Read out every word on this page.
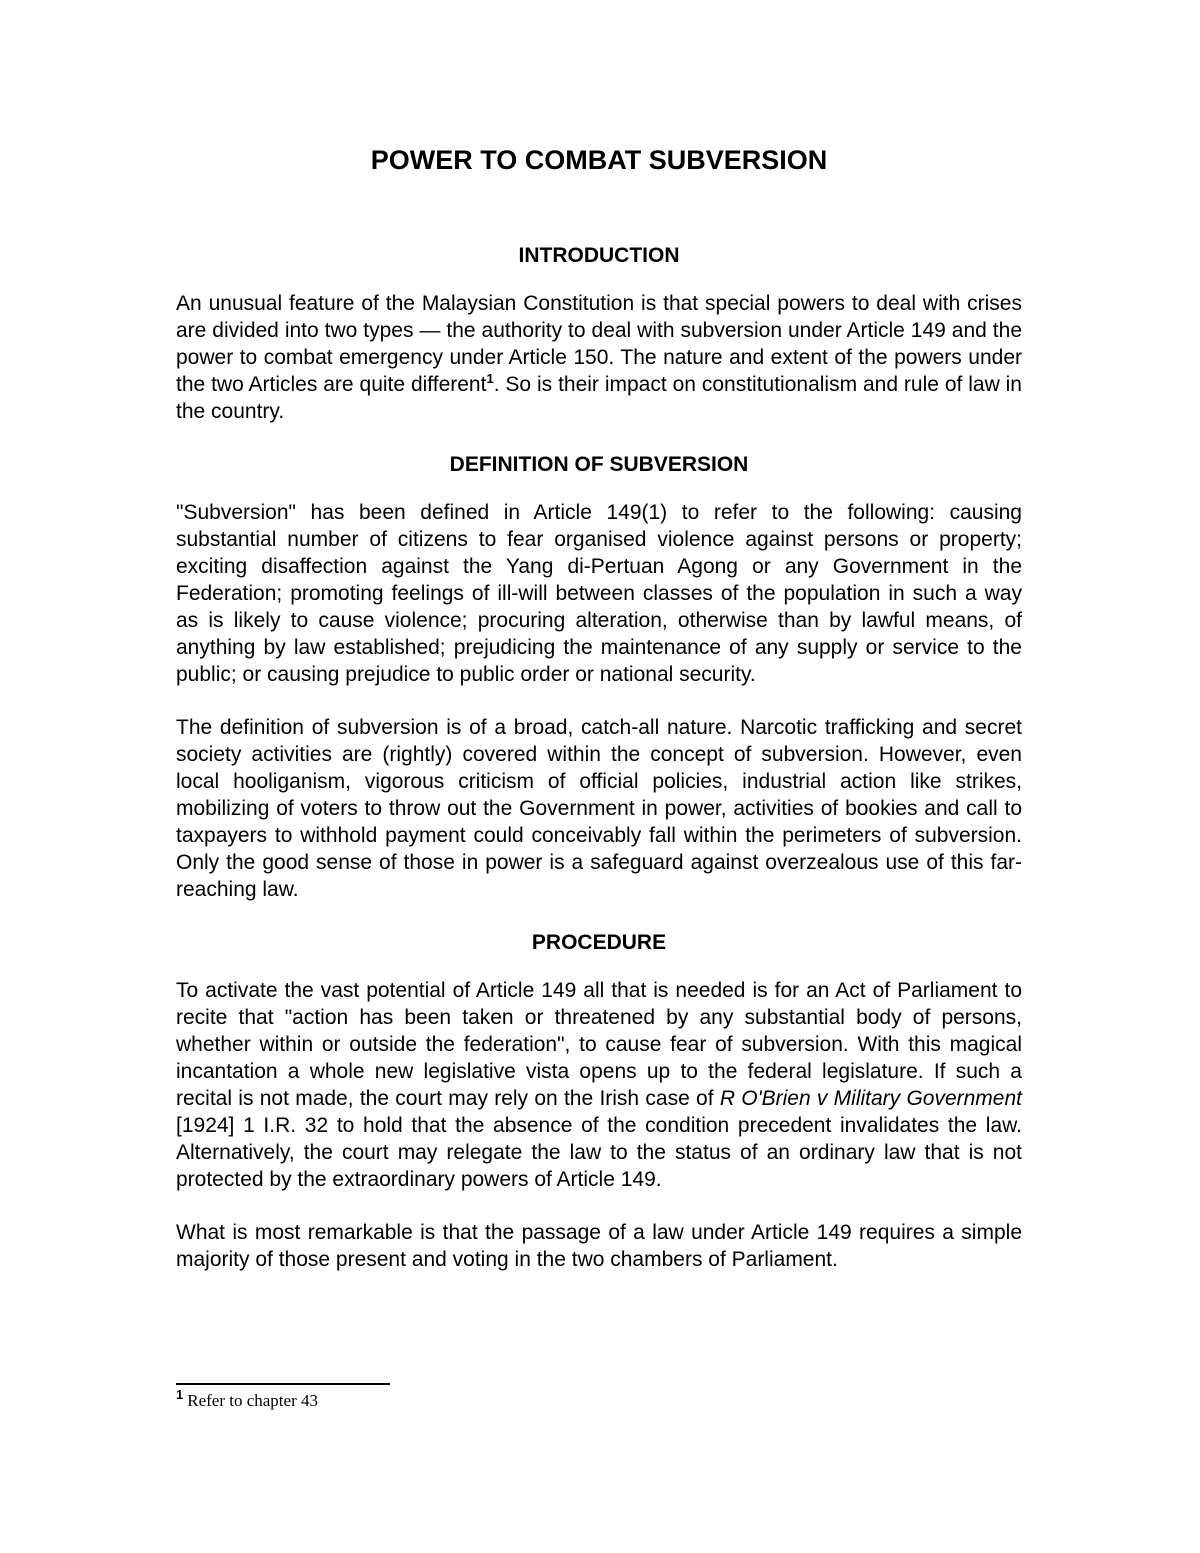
POWER TO COMBAT SUBVERSION
INTRODUCTION

An unusual feature of the Malaysian Constitution is that special powers to deal with crises are divided into two types — the authority to deal with subversion under Article 149 and the power to combat emergency under Article 150. The nature and extent of the powers under the two Articles are quite different$^1$. So is their impact on constitutionalism and rule of law in the country.

DEFINITION OF SUBVERSION

"Subversion" has been defined in Article 149(1) to refer to the following: causing substantial number of citizens to fear organised violence against persons or property; exciting disaffection against the Yang di-Pertuan Agong or any Government in the Federation; promoting feelings of ill-will between classes of the population in such a way as is likely to cause violence; procuring alteration, otherwise than by lawful means, of anything by law established; prejudicing the maintenance of any supply or service to the public; or causing prejudice to public order or national security.

The definition of subversion is of a broad, catch-all nature. Narcotic trafficking and secret society activities are (rightly) covered within the concept of subversion. However, even local hooliganism, vigorous criticism of official policies, industrial action like strikes, mobilizing of voters to throw out the Government in power, activities of bookies and call to taxpayers to withhold payment could conceivably fall within the perimeters of subversion. Only the good sense of those in power is a safeguard against overzealous use of this far-reaching law.

PROCEDURE

To activate the vast potential of Article 149 all that is needed is for an Act of Parliament to recite that "action has been taken or threatened by any substantial body of persons, whether within or outside the federation", to cause fear of subversion. With this magical incantation a whole new legislative vista opens up to the federal legislature. If such a recital is not made, the court may rely on the Irish case of R O'Brien v Military Government [1924] 1 I.R. 32 to hold that the absence of the condition precedent invalidates the law. Alternatively, the court may relegate the law to the status of an ordinary law that is not protected by the extraordinary powers of Article 149.

What is most remarkable is that the passage of a law under Article 149 requires a simple majority of those present and voting in the two chambers of Parliament.

$^1$ Refer to chapter 43
